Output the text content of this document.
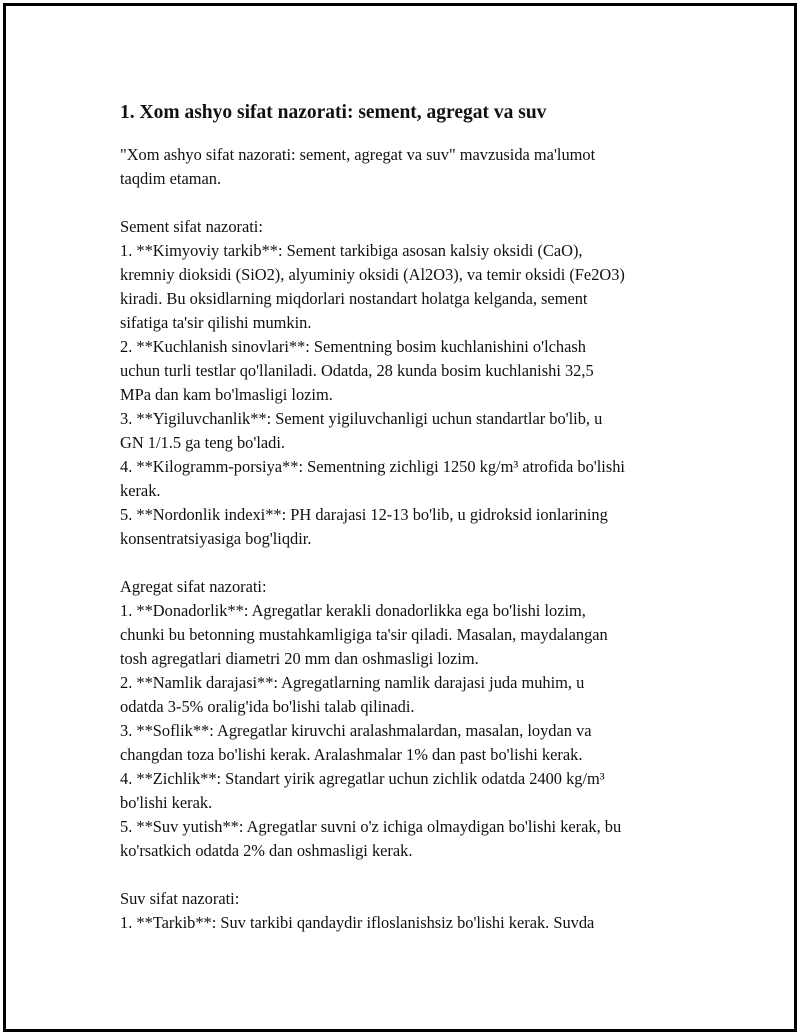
1. Xom ashyo sifat nazorati: sement, agregat va suv
"Xom ashyo sifat nazorati: sement, agregat va suv" mavzusida ma'lumot
taqdim etaman.
Sement sifat nazorati:
1. **Kimyoviy tarkib**: Sement tarkibiga asosan kalsiy oksidi (CaO),
kremniy dioksidi (SiO2), alyuminiy oksidi (Al2O3), va temir oksidi (Fe2O3)
kiradi. Bu oksidlarning miqdorlari nostandart holatga kelganda, sement
sifatiga ta'sir qilishi mumkin.
2. **Kuchlanish sinovlari**: Sementning bosim kuchlanishini o'lchash
uchun turli testlar qo'llaniladi. Odatda, 28 kunda bosim kuchlanishi 32,5
MPa dan kam bo'lmasligi lozim.
3. **Yigiluvchanlik**: Sement yigiluvchanligi uchun standartlar bo'lib, u
GN 1/1.5 ga teng bo'ladi.
4. **Kilogramm-porsiya**: Sementning zichligi 1250 kg/m³ atrofida bo'lishi
kerak.
5. **Nordonlik indexi**: PH darajasi 12-13 bo'lib, u gidroksid ionlarining
konsentratsiyasiga bog'liqdir.
Agregat sifat nazorati:
1. **Donadorlik**: Agregatlar kerakli donadorlikka ega bo'lishi lozim,
chunki bu betonning mustahkamligiga ta'sir qiladi. Masalan, maydalangan
tosh agregatlari diametri 20 mm dan oshmasligi lozim.
2. **Namlik darajasi**: Agregatlarning namlik darajasi juda muhim, u
odatda 3-5% oralig'ida bo'lishi talab qilinadi.
3. **Soflik**: Agregatlar kiruvchi aralashmalardan, masalan, loydan va
changdan toza bo'lishi kerak. Aralashmalar 1% dan past bo'lishi kerak.
4. **Zichlik**: Standart yirik agregatlar uchun zichlik odatda 2400 kg/m³
bo'lishi kerak.
5. **Suv yutish**: Agregatlar suvni o'z ichiga olmaydigan bo'lishi kerak, bu
ko'rsatkich odatda 2% dan oshmasligi kerak.
Suv sifat nazorati:
1. **Tarkib**: Suv tarkibi qandaydir ifloslanishsiz bo'lishi kerak. Suvda
